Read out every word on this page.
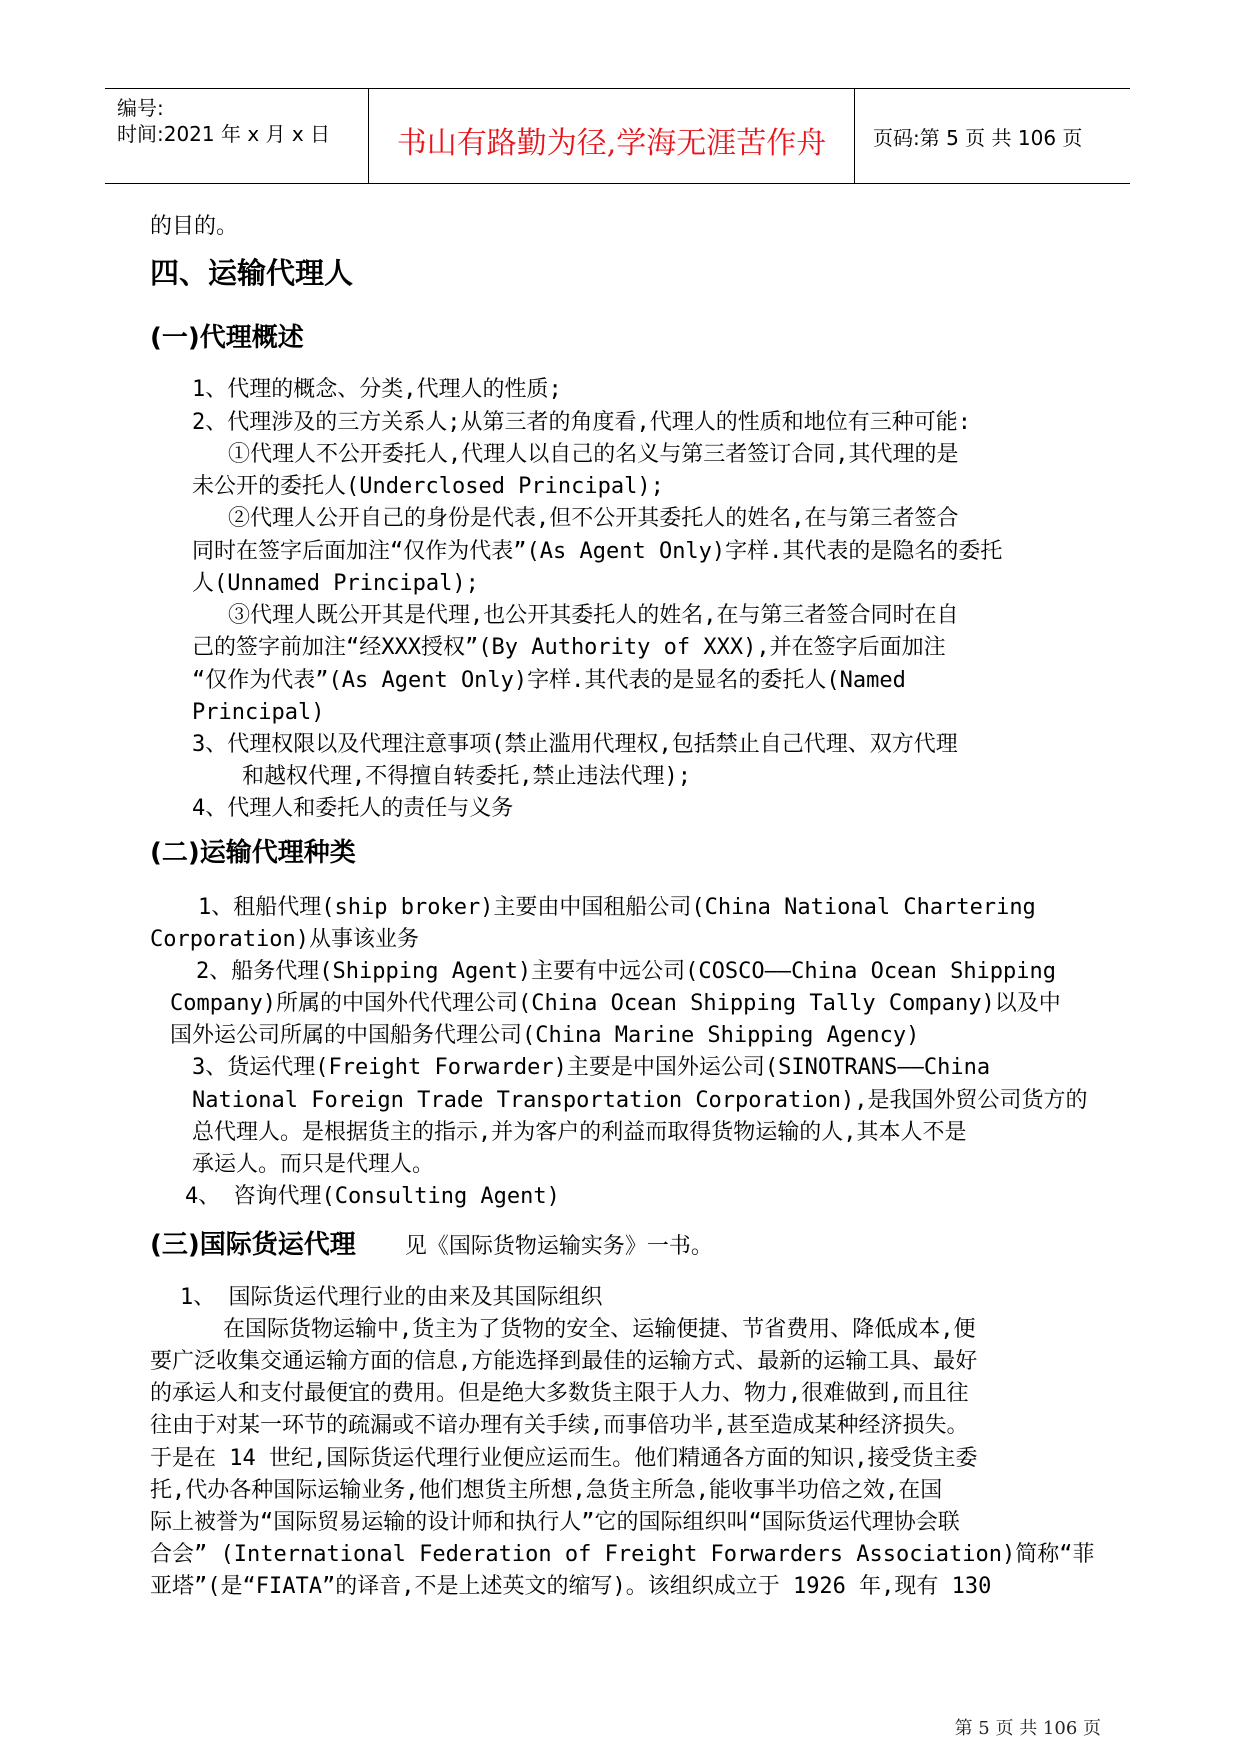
编号:
时间:2021 年 x 月 x 日	书山有路勤为径,学海无涯苦作舟	页码:第 5 页 共 106 页
的目的。
四、运输代理人
(一)代理概述
1、代理的概念、分类,代理人的性质;
2、代理涉及的三方关系人;从第三者的角度看,代理人的性质和地位有三种可能:
①代理人不公开委托人,代理人以自己的名义与第三者签订合同,其代理的是
未公开的委托人(Underclosed Principal);
②代理人公开自己的身份是代表,但不公开其委托人的姓名,在与第三者签合
同时在签字后面加注“仅作为代表”(As Agent Only)字样.其代表的是隐名的委托
人(Unnamed Principal);
③代理人既公开其是代理,也公开其委托人的姓名,在与第三者签合同时在自
己的签字前加注“经XXX授权”(By Authority of XXX),并在签字后面加注
“仅作为代表”(As Agent Only)字样.其代表的是显名的委托人(Named
Principal)
3、代理权限以及代理注意事项(禁止滥用代理权,包括禁止自己代理、双方代理
和越权代理,不得擅自转委托,禁止违法代理);
4、代理人和委托人的责任与义务
(二)运输代理种类
1、租船代理(ship broker)主要由中国租船公司(China National Chartering
Corporation)从事该业务
2、船务代理(Shipping Agent)主要有中远公司(COSCO——China Ocean Shipping
Company)所属的中国外代代理公司(China Ocean Shipping Tally Company)以及中
国外运公司所属的中国船务代理公司(China Marine Shipping Agency)
3、货运代理(Freight Forwarder)主要是中国外运公司(SINOTRANS——China
National Foreign Trade Transportation Corporation),是我国外贸公司货方的
总代理人。是根据货主的指示,并为客户的利益而取得货物运输的人,其本人不是
承运人。而只是代理人。
4、 咨询代理(Consulting Agent)
(三)国际货运代理 见《国际货物运输实务》一书。
1、 国际货运代理行业的由来及其国际组织
在国际货物运输中,货主为了货物的安全、运输便捷、节省费用、降低成本,便
要广泛收集交通运输方面的信息,方能选择到最佳的运输方式、最新的运输工具、最好
的承运人和支付最便宜的费用。但是绝大多数货主限于人力、物力,很难做到,而且往
往由于对某一环节的疏漏或不谙办理有关手续,而事倍功半,甚至造成某种经济损失。
于是在 14 世纪,国际货运代理行业便应运而生。他们精通各方面的知识,接受货主委
托,代办各种国际运输业务,他们想货主所想,急货主所急,能收事半功倍之效,在国
际上被誉为“国际贸易运输的设计师和执行人”它的国际组织叫“国际货运代理协会联
合会” (International Federation of Freight Forwarders Association)简称“菲
亚塔”(是“FIATA”的译音,不是上述英文的缩写)。该组织成立于 1926 年,现有 130
第 5 页 共 106 页
